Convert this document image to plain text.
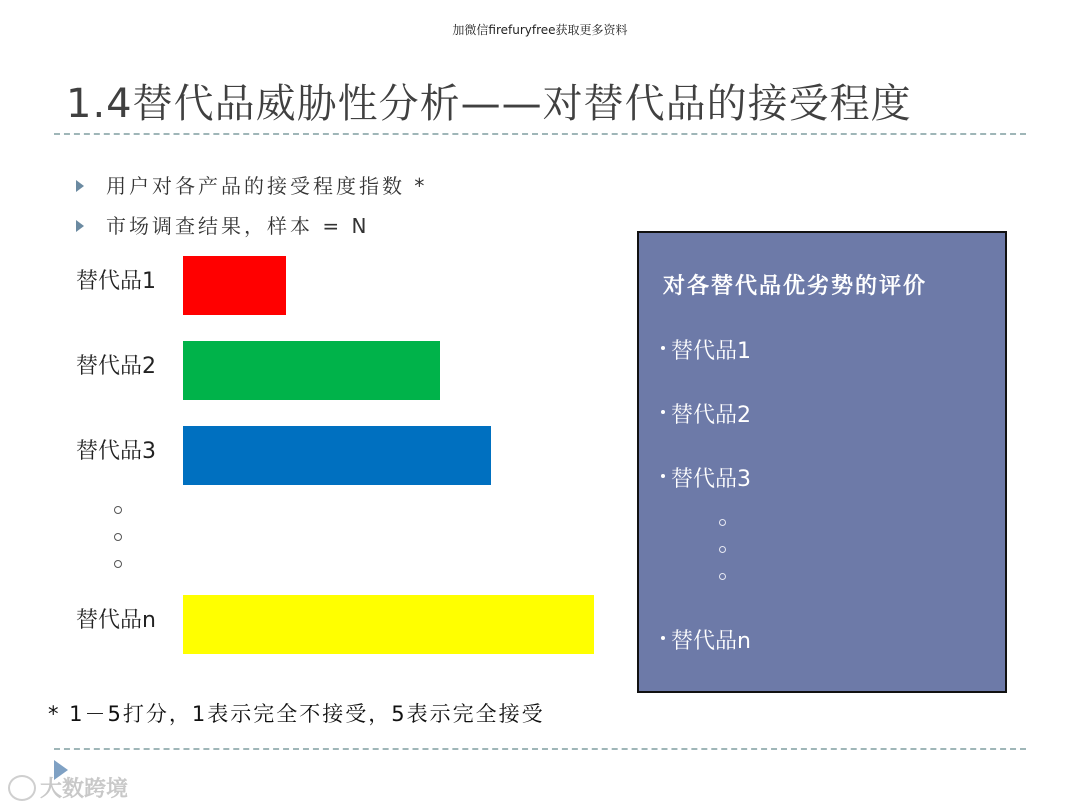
加微信firefuryfree获取更多资料
1.4替代品威胁性分析——对替代品的接受程度
用户对各产品的接受程度指数 *
市场调查结果，样本 = N
替代品1
替代品2
替代品3
替代品n
* 1－5打分，1表示完全不接受，5表示完全接受
对各替代品优劣势的评价
替代品1
替代品2
替代品3
替代品n
大数跨境
